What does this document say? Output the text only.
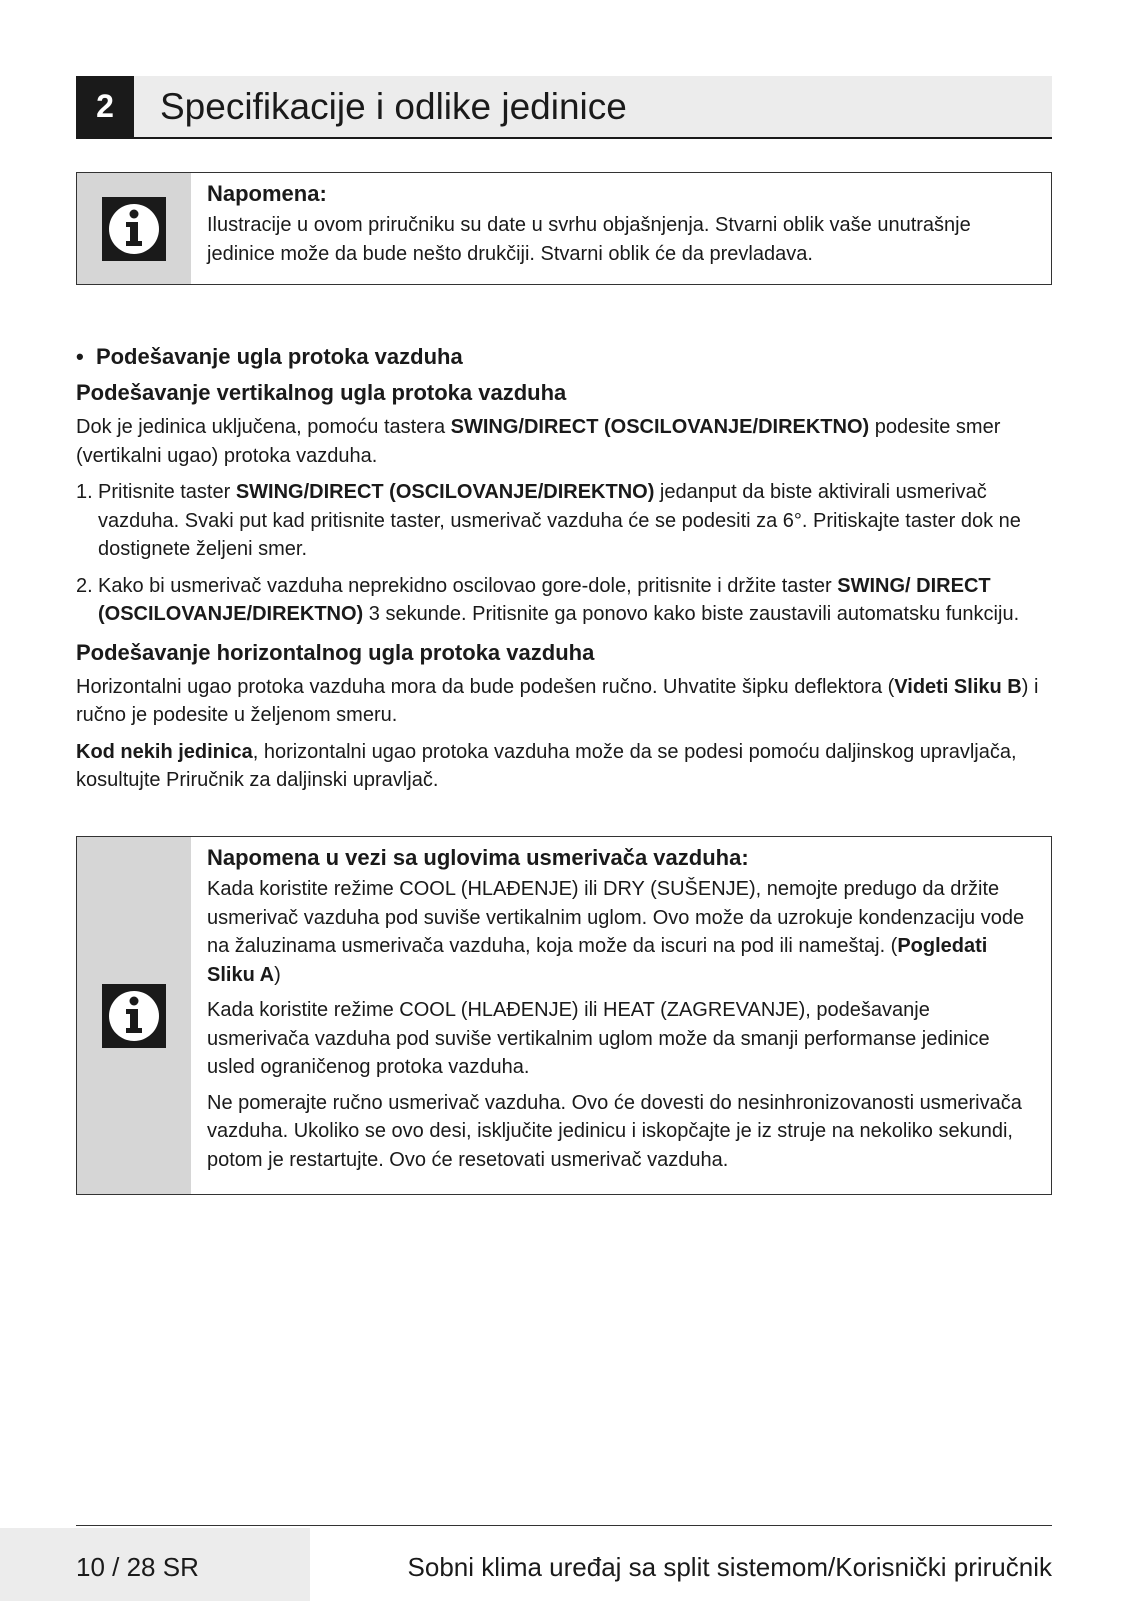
2	Specifikacije i odlike jedinice

Napomena:

Ilustracije u ovom priručniku su date u svrhu objašnjenja. Stvarni oblik vaše unutrašnje jedinice može da bude nešto drukčiji. Stvarni oblik će da prevladava.

•  Podešavanje ugla protoka vazduha

Podešavanje vertikalnog ugla protoka vazduha

Dok je jedinica uključena, pomoću tastera SWING/DIRECT (OSCILOVANJE/DIREKTNO) podesite smer (vertikalni ugao) protoka vazduha.

1. Pritisnite taster SWING/DIRECT (OSCILOVANJE/DIREKTNO) jedanput da biste aktivirali usmerivač vazduha. Svaki put kad pritisnite taster, usmerivač vazduha će se podesiti za 6°. Pritiskajte taster dok ne dostignete željeni smer.
2. Kako bi usmerivač vazduha neprekidno oscilovao gore-dole, pritisnite i držite taster SWING/ DIRECT (OSCILOVANJE/DIREKTNO) 3 sekunde. Pritisnite ga ponovo kako biste zaustavili automatsku funkciju.

Podešavanje horizontalnog ugla protoka vazduha

Horizontalni ugao protoka vazduha mora da bude podešen ručno. Uhvatite šipku deflektora (Videti Sliku B) i ručno je podesite u željenom smeru.

Kod nekih jedinica, horizontalni ugao protoka vazduha može da se podesi pomoću daljinskog upravljača, kosultujte Priručnik za daljinski upravljač.

Napomena u vezi sa uglovima usmerivača vazduha:

Kada koristite režime COOL (HLAĐENJE) ili DRY (SUŠENJE), nemojte predugo da držite usmerivač vazduha pod suviše vertikalnim uglom. Ovo može da uzrokuje kondenzaciju vode na žaluzinama usmerivača vazduha, koja može da iscuri na pod ili nameštaj. (Pogledati Sliku A)

Kada koristite režime COOL (HLAĐENJE) ili HEAT (ZAGREVANJE), podešavanje usmerivača vazduha pod suviše vertikalnim uglom može da smanji performanse jedinice usled ograničenog protoka vazduha.

Ne pomerajte ručno usmerivač vazduha. Ovo će dovesti do nesinhronizovanosti usmerivača vazduha. Ukoliko se ovo desi, isključite jedinicu i iskopčajte je iz struje na nekoliko sekundi, potom je restartujte. Ovo će resetovati usmerivač vazduha.

10 / 28 SR	Sobni klima uređaj sa split sistemom/Korisnički priručnik
